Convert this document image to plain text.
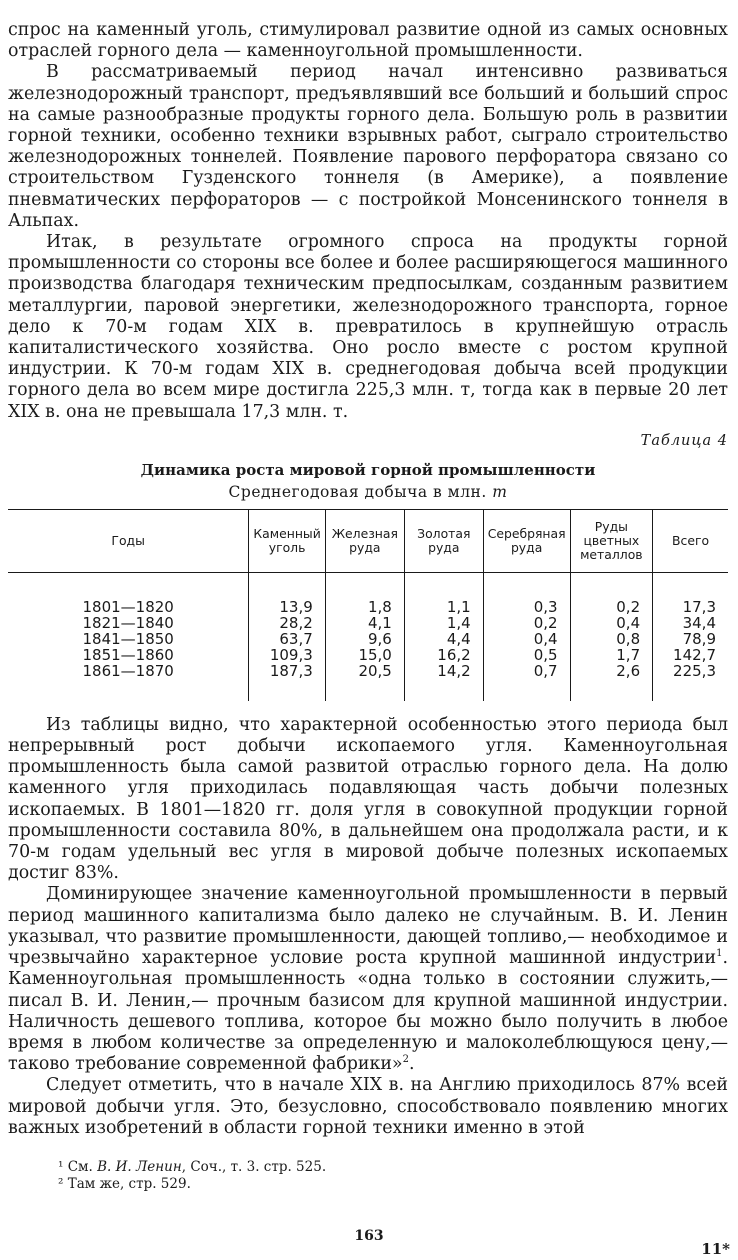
спрос на каменный уголь, стимулировал развитие одной из самых основных отраслей горного дела — каменноугольной промышленности.

В рассматриваемый период начал интенсивно развиваться железнодорожный транспорт, предъявлявший все больший и больший спрос на самые разнообразные продукты горного дела. Большую роль в развитии горной техники, особенно техники взрывных работ, сыграло строительство железнодорожных тоннелей. Появление парового перфоратора связано со строительством Гузденского тоннеля (в Америке), а появление пневматических перфораторов — с постройкой Монсенинского тоннеля в Альпах.

Итак, в результате огромного спроса на продукты горной промышленности со стороны все более и более расширяющегося машинного производства благодаря техническим предпосылкам, созданным развитием металлургии, паровой энергетики, железнодорожного транспорта, горное дело к 70-м годам XIX в. превратилось в крупнейшую отрасль капиталистического хозяйства. Оно росло вместе с ростом крупной индустрии. К 70-м годам XIX в. среднегодовая добыча всей продукции горного дела во всем мире достигла 225,3 млн. т, тогда как в первые 20 лет XIX в. она не превышала 17,3 млн. т.

Таблица 4
Динамика роста мировой горной промышленности
Среднегодовая добыча в млн. т
Годы	Каменный уголь	Железная руда	Золотая руда	Серебряная руда	Руды цветных металлов	Всего

1801—1820	13,9	1,8	1,1	0,3	0,2	17,3
1821—1840	28,2	4,1	1,4	0,2	0,4	34,4
1841—1850	63,7	9,6	4,4	0,4	0,8	78,9
1851—1860	109,3	15,0	16,2	0,5	1,7	142,7
1861—1870	187,3	20,5	14,2	0,7	2,6	225,3

Из таблицы видно, что характерной особенностью этого периода был непрерывный рост добычи ископаемого угля. Каменноугольная промышленность была самой развитой отраслью горного дела. На долю каменного угля приходилась подавляющая часть добычи полезных ископаемых. В 1801—1820 гг. доля угля в совокупной продукции горной промышленности составила 80%, в дальнейшем она продолжала расти, и к 70-м годам удельный вес угля в мировой добыче полезных ископаемых достиг 83%.

Доминирующее значение каменноугольной промышленности в первый период машинного капитализма было далеко не случайным. В. И. Ленин указывал, что развитие промышленности, дающей топливо,— необходимое и чрезвычайно характерное условие роста крупной машинной индустрии$^1$. Каменноугольная промышленность «одна только в состоянии служить,— писал В. И. Ленин,— прочным базисом для крупной машинной индустрии. Наличность дешевого топлива, которое бы можно было получить в любое время в любом количестве за определенную и малоколеблющуюся цену,— таково требование современной фабрики»$^2$.

Следует отметить, что в начале XIX в. на Англию приходилось 87% всей мировой добычи угля. Это, безусловно, способствовало появлению многих важных изобретений в области горной техники именно в этой

¹ См. В. И. Ленин, Соч., т. 3. стр. 525.
² Там же, стр. 529.
163
11*
